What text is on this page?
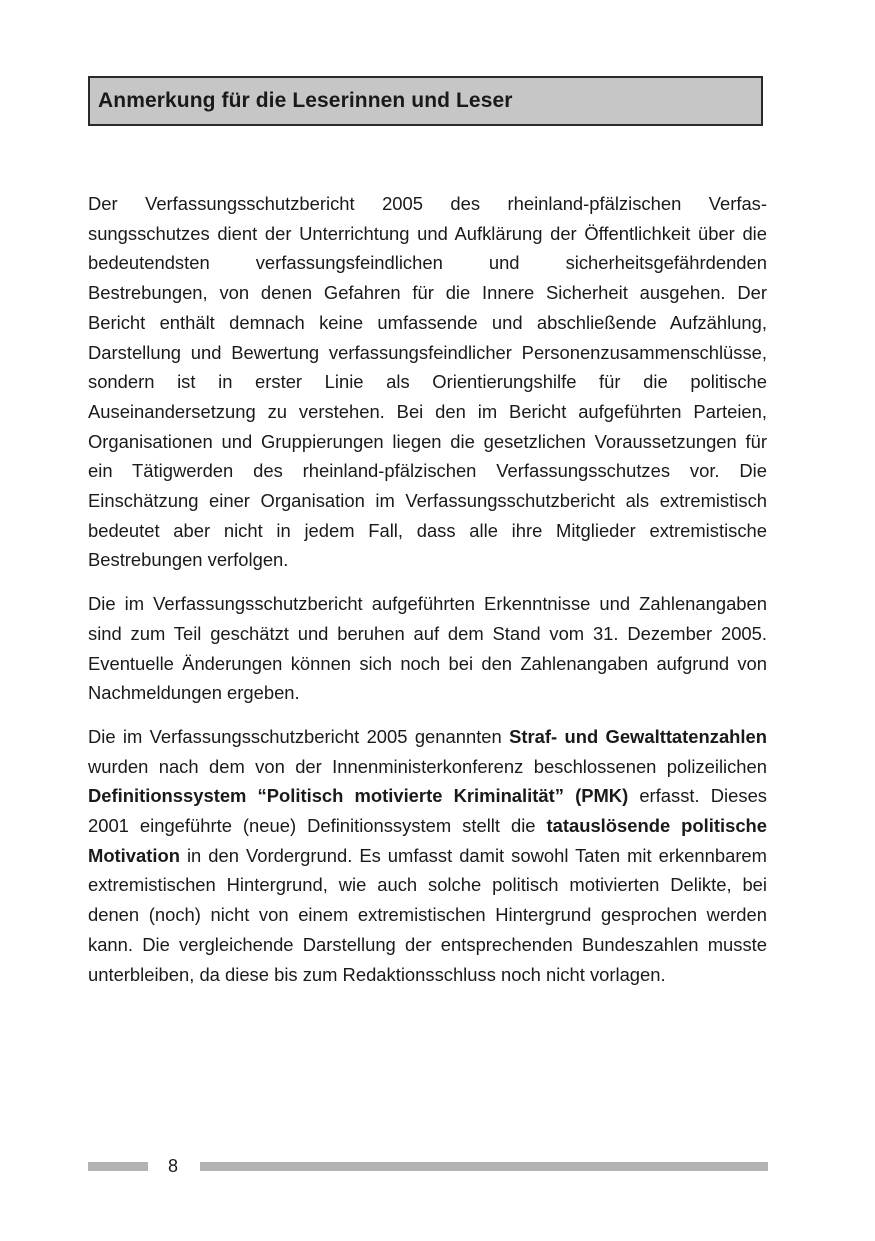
Anmerkung für die Leserinnen und Leser

Der Verfassungsschutzbericht 2005 des rheinland-pfälzischen Verfassungsschutzes dient der Unterrichtung und Aufklärung der Öffentlichkeit über die bedeutendsten verfassungsfeindlichen und sicherheitsgefährdenden Bestrebungen, von denen Gefahren für die Innere Sicherheit ausgehen. Der Bericht enthält demnach keine umfassende und abschließende Aufzählung, Darstellung und Bewertung verfassungsfeindlicher Personenzusammenschlüsse, sondern ist in erster Linie als Orientierungshilfe für die politische Auseinandersetzung zu verstehen. Bei den im Bericht aufgeführten Parteien, Organisationen und Gruppierungen liegen die gesetzlichen Voraussetzungen für ein Tätigwerden des rheinland-pfälzischen Verfassungsschutzes vor. Die Einschätzung einer Organisation im Verfassungsschutzbericht als extremistisch bedeutet aber nicht in jedem Fall, dass alle ihre Mitglieder extremistische Bestrebungen verfolgen.

Die im Verfassungsschutzbericht aufgeführten Erkenntnisse und Zahlenangaben sind zum Teil geschätzt und beruhen auf dem Stand vom 31. Dezember 2005. Eventuelle Änderungen können sich noch bei den Zahlenangaben aufgrund von Nachmeldungen ergeben.

Die im Verfassungsschutzbericht 2005 genannten Straf- und Gewalttatenzahlen wurden nach dem von der Innenministerkonferenz beschlossenen polizeilichen Definitionssystem “Politisch motivierte Kriminalität” (PMK) erfasst. Dieses 2001 eingeführte (neue) Definitionssystem stellt die tatauslösende politische Motivation in den Vordergrund. Es umfasst damit sowohl Taten mit erkennbarem extremistischen Hintergrund, wie auch solche politisch motivierten Delikte, bei denen (noch) nicht von einem extremistischen Hintergrund gesprochen werden kann. Die vergleichende Darstellung der entsprechenden Bundeszahlen musste unterbleiben, da diese bis zum Redaktionsschluss noch nicht vorlagen.

8
